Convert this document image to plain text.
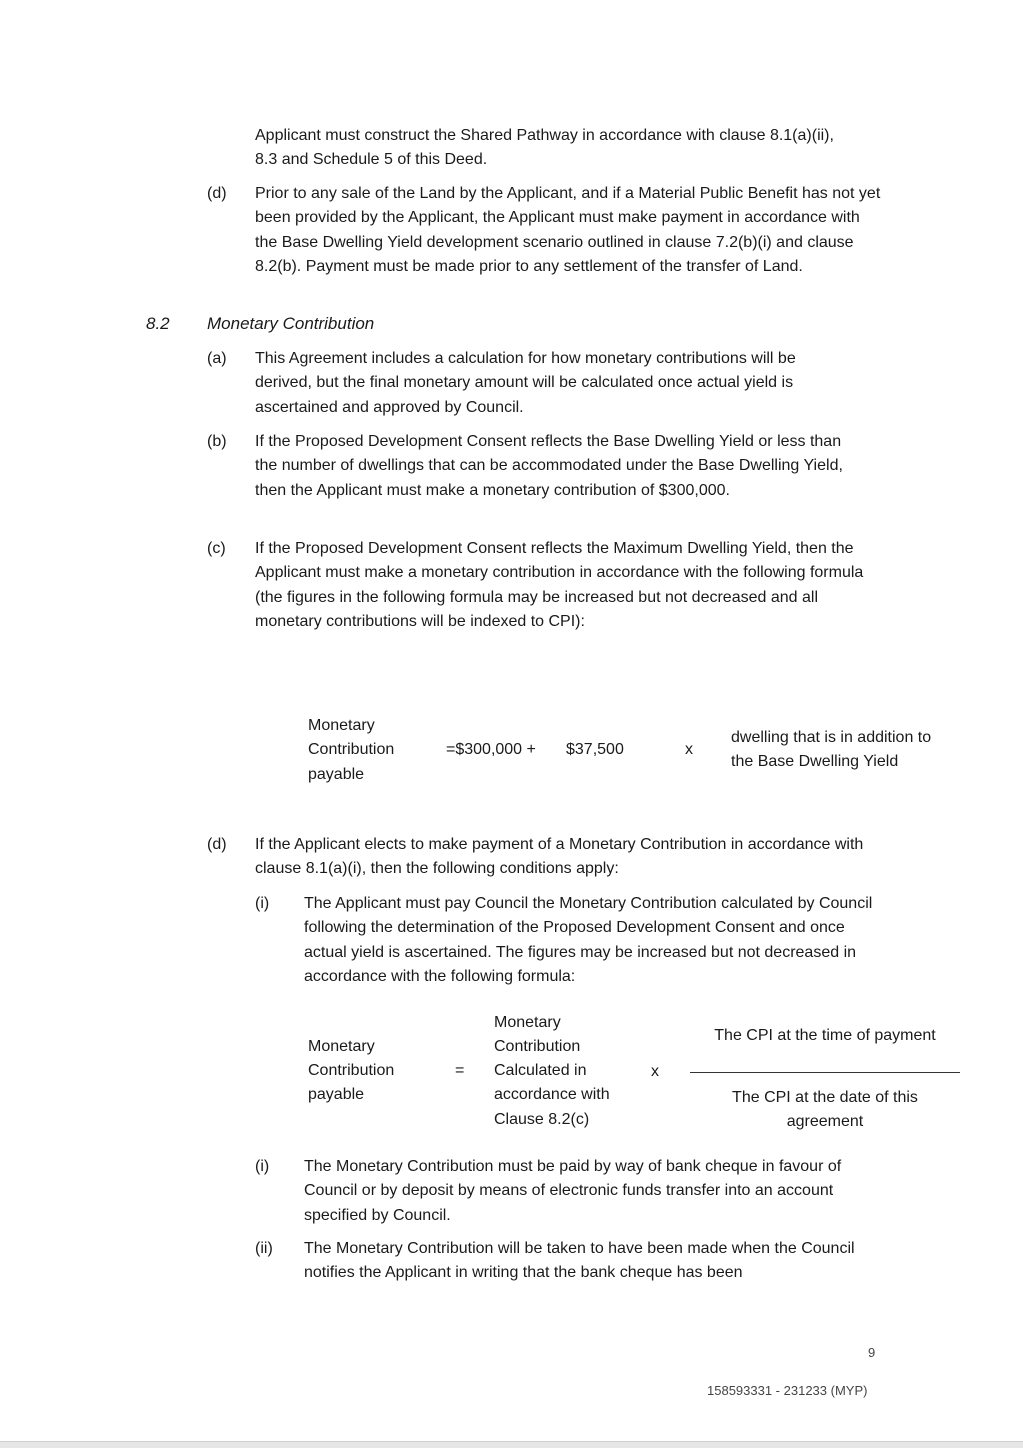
Applicant must construct the Shared Pathway in accordance with clause 8.1(a)(ii), 8.3 and Schedule 5 of this Deed.

(d) Prior to any sale of the Land by the Applicant, and if a Material Public Benefit has not yet been provided by the Applicant, the Applicant must make payment in accordance with the Base Dwelling Yield development scenario outlined in clause 7.2(b)(i) and clause 8.2(b). Payment must be made prior to any settlement of the transfer of Land.

8.2 Monetary Contribution
(a) This Agreement includes a calculation for how monetary contributions will be derived, but the final monetary amount will be calculated once actual yield is ascertained and approved by Council.

(b) If the Proposed Development Consent reflects the Base Dwelling Yield or less than the number of dwellings that can be accommodated under the Base Dwelling Yield, then the Applicant must make a monetary contribution of $300,000.

(c) If the Proposed Development Consent reflects the Maximum Dwelling Yield, then the Applicant must make a monetary contribution in accordance with the following formula (the figures in the following formula may be increased but not decreased and all monetary contributions will be indexed to CPI):

Monetary
Contribution
payable
=$300,000 + $37,500	x
dwelling that is in addition to
the Base Dwelling Yield
(d) If the Applicant elects to make payment of a Monetary Contribution in accordance with clause 8.1(a)(i), then the following conditions apply:

(i) The Applicant must pay Council the Monetary Contribution calculated by Council following the determination of the Proposed Development Consent and once actual yield is ascertained. The figures may be increased but not decreased in accordance with the following formula:

Monetary
Contribution
payable
=
Monetary
Contribution
Calculated in
accordance with
Clause 8.2(c)
x
The CPI at the time of payment
The CPI at the date of this
agreement
(i) The Monetary Contribution must be paid by way of bank cheque in favour of Council or by deposit by means of electronic funds transfer into an account specified by Council.

(ii) The Monetary Contribution will be taken to have been made when the Council notifies the Applicant in writing that the bank cheque has been

9
158593331 - 231233 (MYP)
